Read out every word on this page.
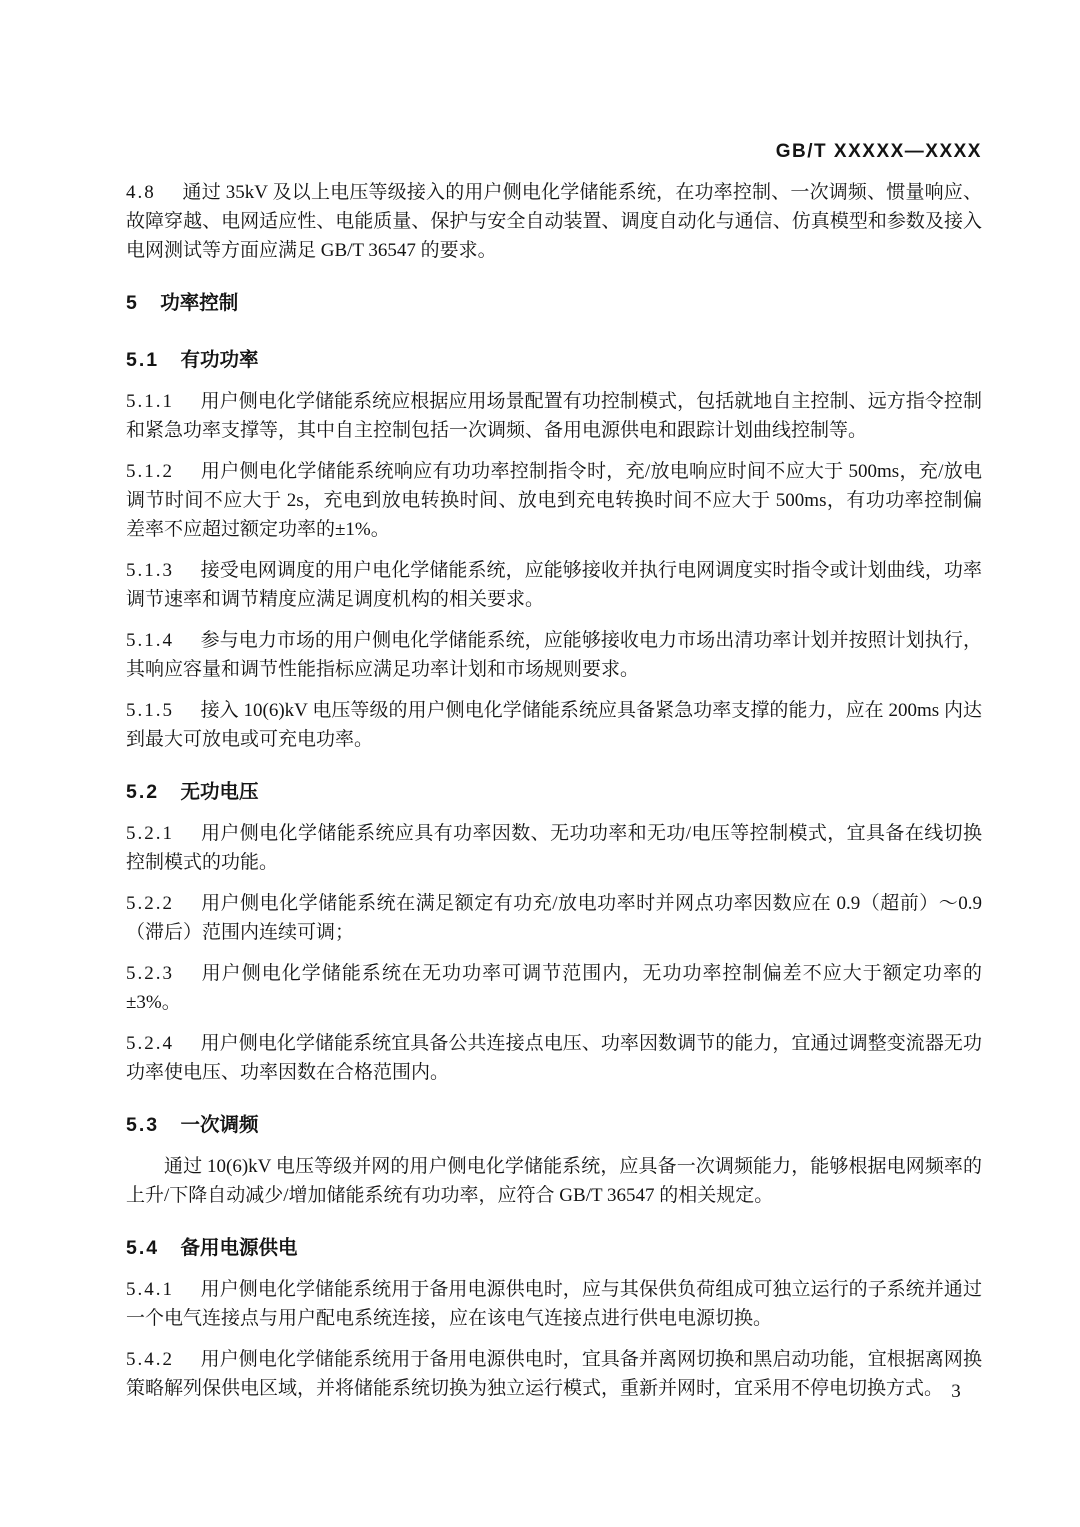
GB/T XXXXX—XXXX

4.8 通过 35kV 及以上电压等级接入的用户侧电化学储能系统，在功率控制、一次调频、惯量响应、故障穿越、电网适应性、电能质量、保护与安全自动装置、调度自动化与通信、仿真模型和参数及接入电网测试等方面应满足 GB/T 36547 的要求。

5 功率控制
5.1 有功功率

5.1.1 用户侧电化学储能系统应根据应用场景配置有功控制模式，包括就地自主控制、远方指令控制和紧急功率支撑等，其中自主控制包括一次调频、备用电源供电和跟踪计划曲线控制等。

5.1.2 用户侧电化学储能系统响应有功功率控制指令时，充/放电响应时间不应大于 500ms，充/放电调节时间不应大于 2s，充电到放电转换时间、放电到充电转换时间不应大于 500ms，有功功率控制偏差率不应超过额定功率的±1%。

5.1.3 接受电网调度的用户电化学储能系统，应能够接收并执行电网调度实时指令或计划曲线，功率调节速率和调节精度应满足调度机构的相关要求。

5.1.4 参与电力市场的用户侧电化学储能系统，应能够接收电力市场出清功率计划并按照计划执行，其响应容量和调节性能指标应满足功率计划和市场规则要求。

5.1.5 接入 10(6)kV 电压等级的用户侧电化学储能系统应具备紧急功率支撑的能力，应在 200ms 内达到最大可放电或可充电功率。

5.2 无功电压

5.2.1 用户侧电化学储能系统应具有功率因数、无功功率和无功/电压等控制模式，宜具备在线切换控制模式的功能。

5.2.2 用户侧电化学储能系统在满足额定有功充/放电功率时并网点功率因数应在 0.9（超前）～0.9（滞后）范围内连续可调；

5.2.3 用户侧电化学储能系统在无功功率可调节范围内，无功功率控制偏差不应大于额定功率的±3%。

5.2.4 用户侧电化学储能系统宜具备公共连接点电压、功率因数调节的能力，宜通过调整变流器无功功率使电压、功率因数在合格范围内。

5.3 一次调频

通过 10(6)kV 电压等级并网的用户侧电化学储能系统，应具备一次调频能力，能够根据电网频率的上升/下降自动减少/增加储能系统有功功率，应符合 GB/T 36547 的相关规定。

5.4 备用电源供电

5.4.1 用户侧电化学储能系统用于备用电源供电时，应与其保供负荷组成可独立运行的子系统并通过一个电气连接点与用户配电系统连接，应在该电气连接点进行供电电源切换。

5.4.2 用户侧电化学储能系统用于备用电源供电时，宜具备并离网切换和黑启动功能，宜根据离网换策略解列保供电区域，并将储能系统切换为独立运行模式，重新并网时，宜采用不停电切换方式。 3
